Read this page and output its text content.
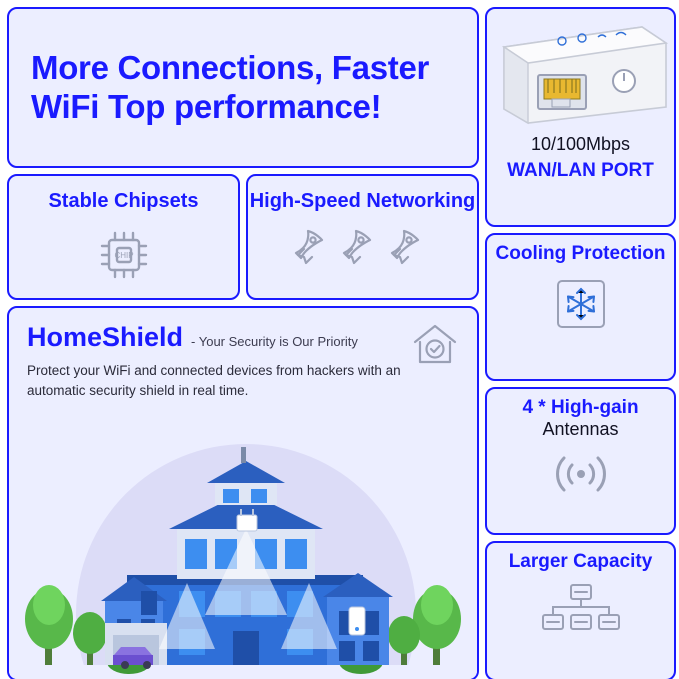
More Connections, Faster WiFi Top performance!
Stable Chipsets
CHIP
High-Speed Networking
HomeShield - Your Security is Our Priority
Protect your WiFi and connected devices from hackers with an automatic security shield in real time.
10/100Mbps
WAN/LAN PORT
Cooling Protection
4 * High-gain
Antennas
Larger Capacity
